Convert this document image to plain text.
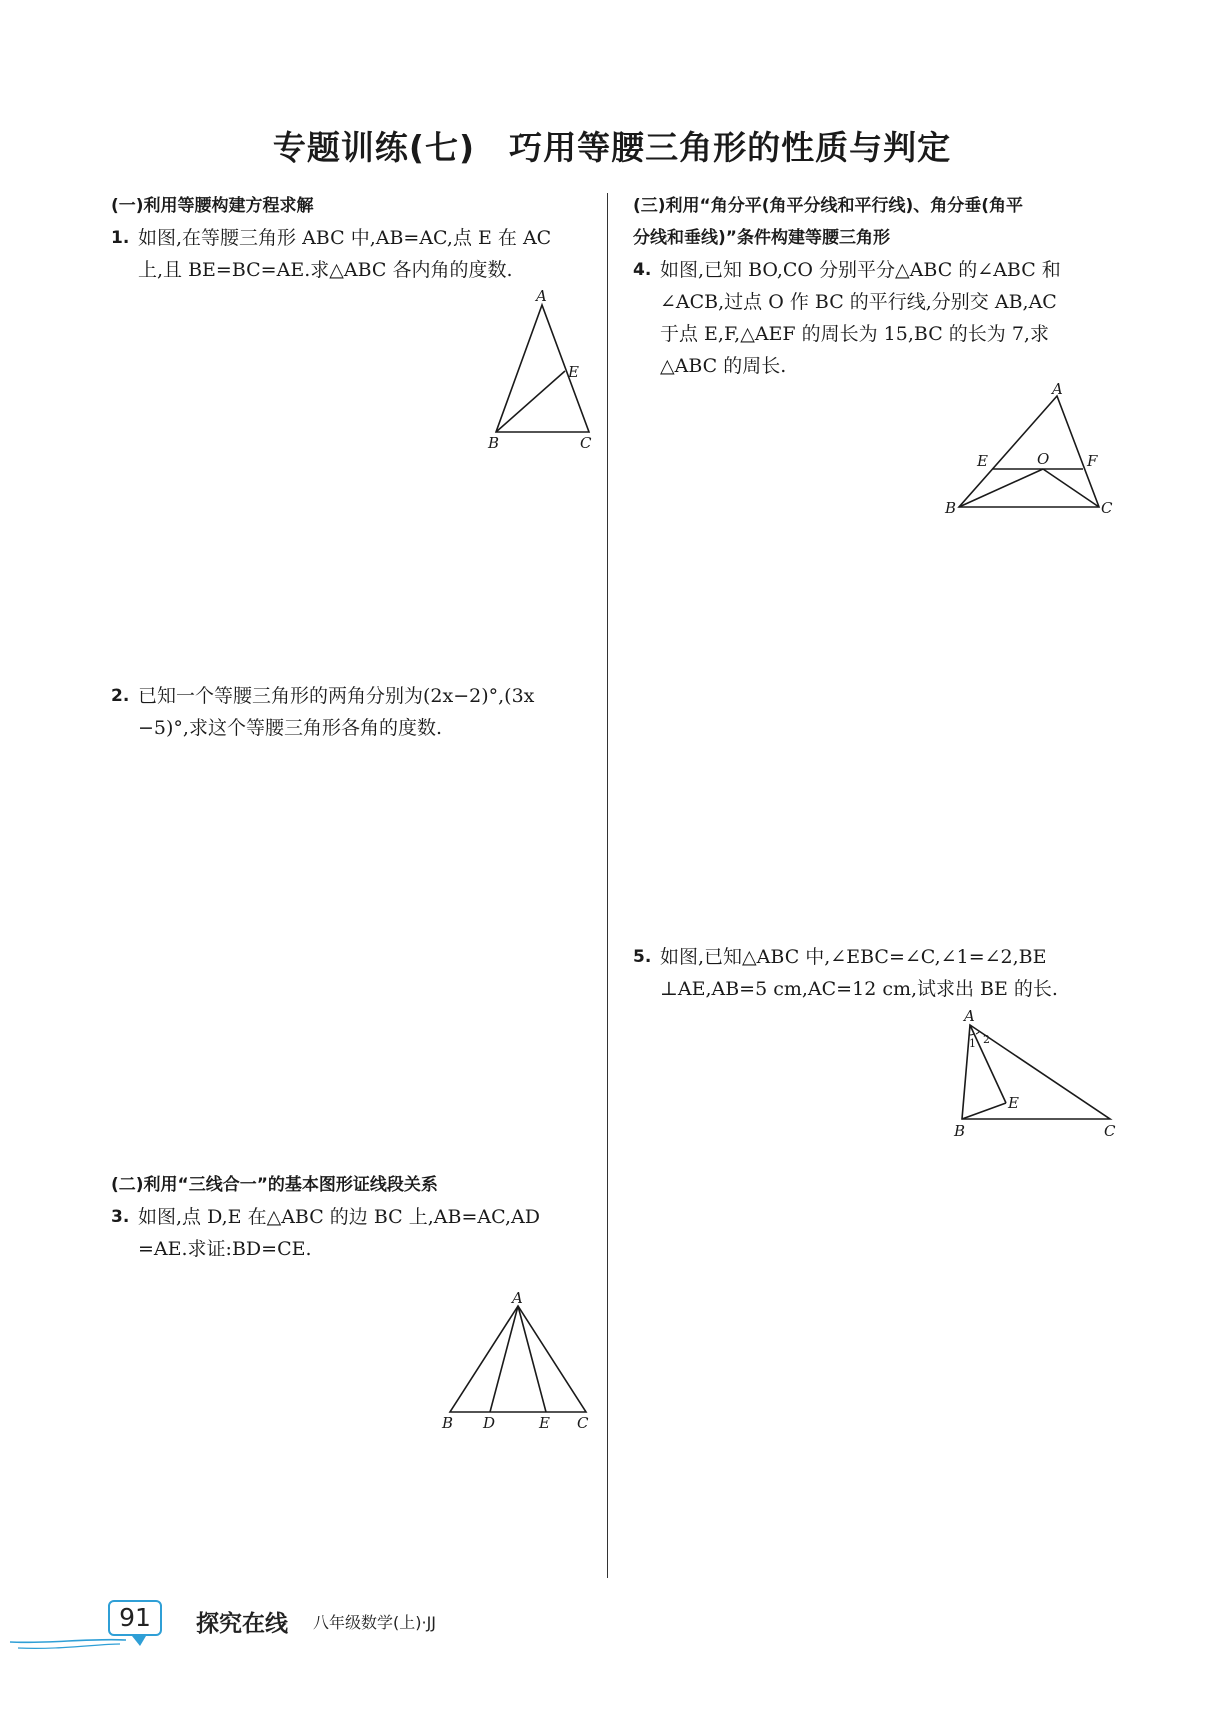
专题训练(七)　巧用等腰三角形的性质与判定
(一)利用等腰构建方程求解
1. 如图,在等腰三角形 ABC 中,AB=AC,点 E 在 AC
上,且 BE=BC=AE.求△ABC 各内角的度数.
A
E
B	C
2. 已知一个等腰三角形的两角分别为(2x−2)°,(3x
−5)°,求这个等腰三角形各角的度数.
(二)利用“三线合一”的基本图形证线段关系
3. 如图,点 D,E 在△ABC 的边 BC 上,AB=AC,AD
=AE.求证:BD=CE.
A
B D	E C
(三)利用“角分平(角平分线和平行线)、角分垂(角平
分线和垂线)”条件构建等腰三角形
4. 如图,已知 BO,CO 分别平分△ABC 的∠ABC 和
∠ACB,过点 O 作 BC 的平行线,分别交 AB,AC
于点 E,F,△AEF 的周长为 15,BC 的长为 7,求
△ABC 的周长.
A
E	O	F
B	C
5. 如图,已知△ABC 中,∠EBC=∠C,∠1=∠2,BE
⊥AE,AB=5 cm,AC=12 cm,试求出 BE 的长.
A
1 2
E
B	C
91	探究在线 八年级数学(上)·JJ
